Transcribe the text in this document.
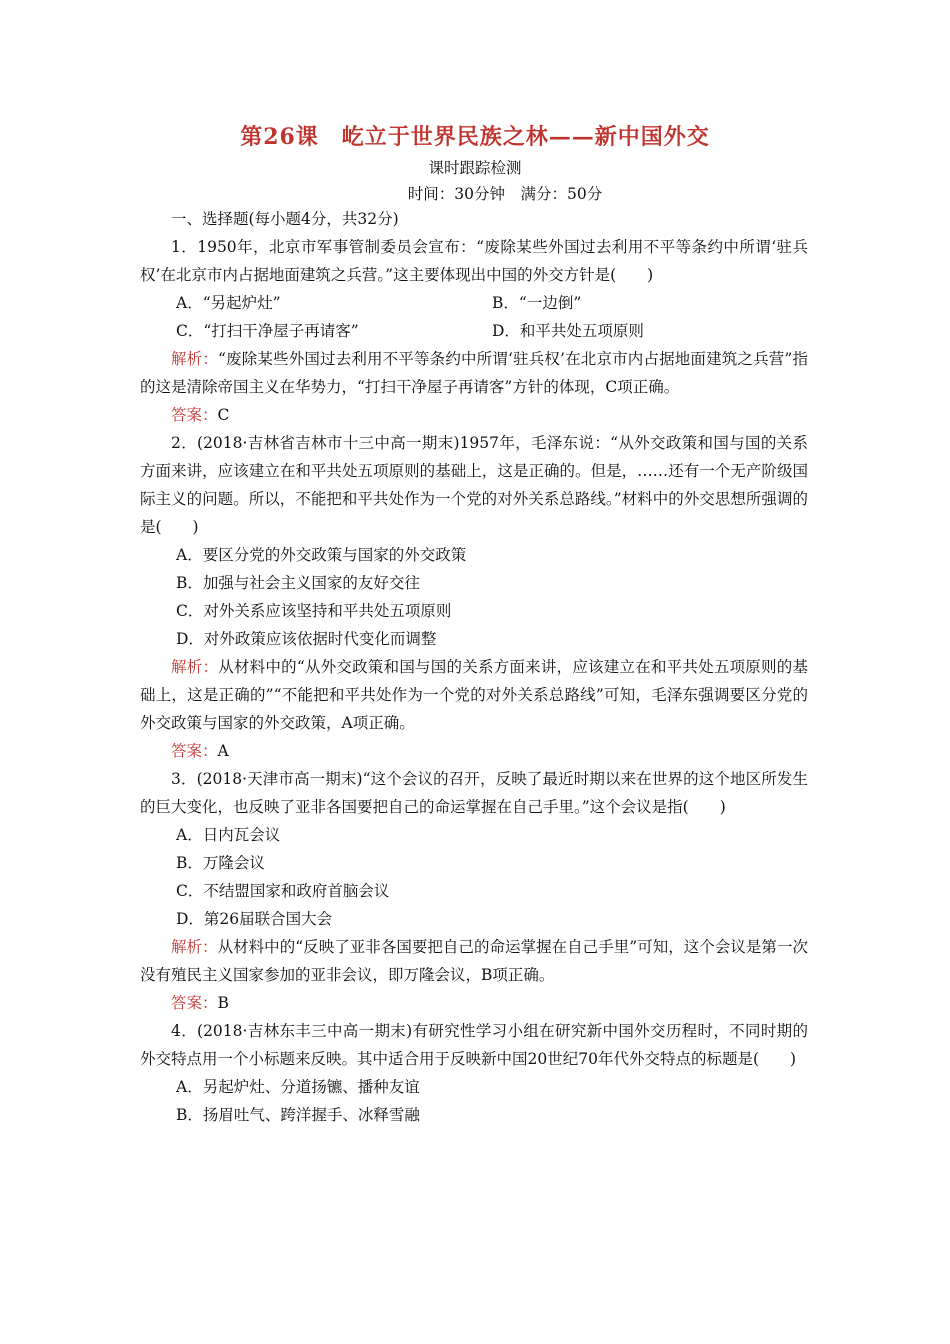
第26课　屹立于世界民族之林——新中国外交
课时跟踪检测
时间：30分钟　满分：50分

一、选择题(每小题4分，共32分)

1．1950年，北京市军事管制委员会宣布：“废除某些外国过去利用不平等条约中所谓‘驻兵权’在北京市内占据地面建筑之兵营。”这主要体现出中国的外交方针是(　　)

A．“另起炉灶”	B．“一边倒”
C．“打扫干净屋子再请客”	D．和平共处五项原则

解析：“废除某些外国过去利用不平等条约中所谓‘驻兵权’在北京市内占据地面建筑之兵营”指的这是清除帝国主义在华势力，“打扫干净屋子再请客”方针的体现，C项正确。

答案：C

2．(2018·吉林省吉林市十三中高一期末)1957年，毛泽东说：“从外交政策和国与国的关系方面来讲，应该建立在和平共处五项原则的基础上，这是正确的。但是，……还有一个无产阶级国际主义的问题。所以，不能把和平共处作为一个党的对外关系总路线。”材料中的外交思想所强调的是(　　)

A．要区分党的外交政策与国家的外交政策

B．加强与社会主义国家的友好交往

C．对外关系应该坚持和平共处五项原则

D．对外政策应该依据时代变化而调整

解析：从材料中的“从外交政策和国与国的关系方面来讲，应该建立在和平共处五项原则的基础上，这是正确的”“不能把和平共处作为一个党的对外关系总路线”可知，毛泽东强调要区分党的外交政策与国家的外交政策，A项正确。

答案：A

3．(2018·天津市高一期末)“这个会议的召开，反映了最近时期以来在世界的这个地区所发生的巨大变化，也反映了亚非各国要把自己的命运掌握在自己手里。”这个会议是指(　　)

A．日内瓦会议

B．万隆会议

C．不结盟国家和政府首脑会议

D．第26届联合国大会

解析：从材料中的“反映了亚非各国要把自己的命运掌握在自己手里”可知，这个会议是第一次没有殖民主义国家参加的亚非会议，即万隆会议，B项正确。

答案：B

4．(2018·吉林东丰三中高一期末)有研究性学习小组在研究新中国外交历程时，不同时期的外交特点用一个小标题来反映。其中适合用于反映新中国20世纪70年代外交特点的标题是(　　)

A．另起炉灶、分道扬镳、播种友谊

B．扬眉吐气、跨洋握手、冰释雪融
